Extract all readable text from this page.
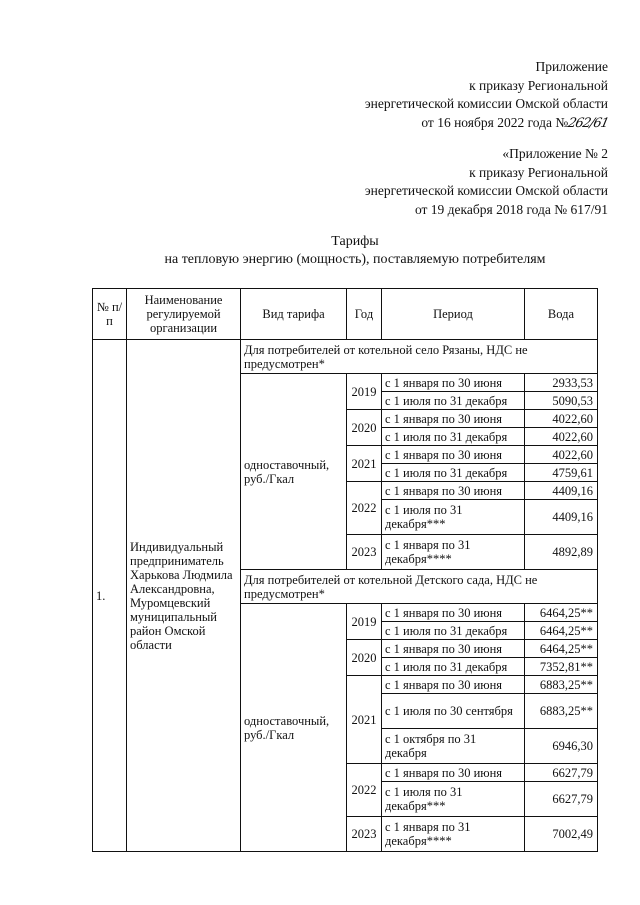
Приложение
к приказу Региональной
энергетической комиссии Омской области
от 16 ноября 2022 года №262/61
«Приложение № 2
к приказу Региональной
энергетической комиссии Омской области
от 19 декабря 2018 года № 617/91
Тарифы
на тепловую энергию (мощность), поставляемую потребителям
№ п/п	Наименование регулируемой организации	Вид тарифа	Год	Период	Вода
1.	Индивидуальный предприниматель Харькова Людмила Александровна, Муромцевский муниципальный район Омской области	Для потребителей от котельной село Рязаны, НДС не предусмотрен*			
		одноставочный, руб./Гкал	2019	с 1 января по 30 июня	2933,53
				с 1 июля по 31 декабря	5090,53
			2020	с 1 января по 30 июня	4022,60
				с 1 июля по 31 декабря	4022,60
			2021	с 1 января по 30 июня	4022,60
				с 1 июля по 31 декабря	4759,61
			2022	с 1 января по 30 июня	4409,16
				с 1 июля по 31 декабря***	4409,16
			2023	с 1 января по 31 декабря****	4892,89
		Для потребителей от котельной Детского сада, НДС не предусмотрен*			
		одноставочный, руб./Гкал	2019	с 1 января по 30 июня	6464,25**
				с 1 июля по 31 декабря	6464,25**
			2020	с 1 января по 30 июня	6464,25**
				с 1 июля по 31 декабря	7352,81**
			2021	с 1 января по 30 июня	6883,25**
				с 1 июля по 30 сентября	6883,25**
				с 1 октября по 31 декабря	6946,30
			2022	с 1 января по 30 июня	6627,79
				с 1 июля по 31 декабря***	6627,79
			2023	с 1 января по 31 декабря****	7002,49
